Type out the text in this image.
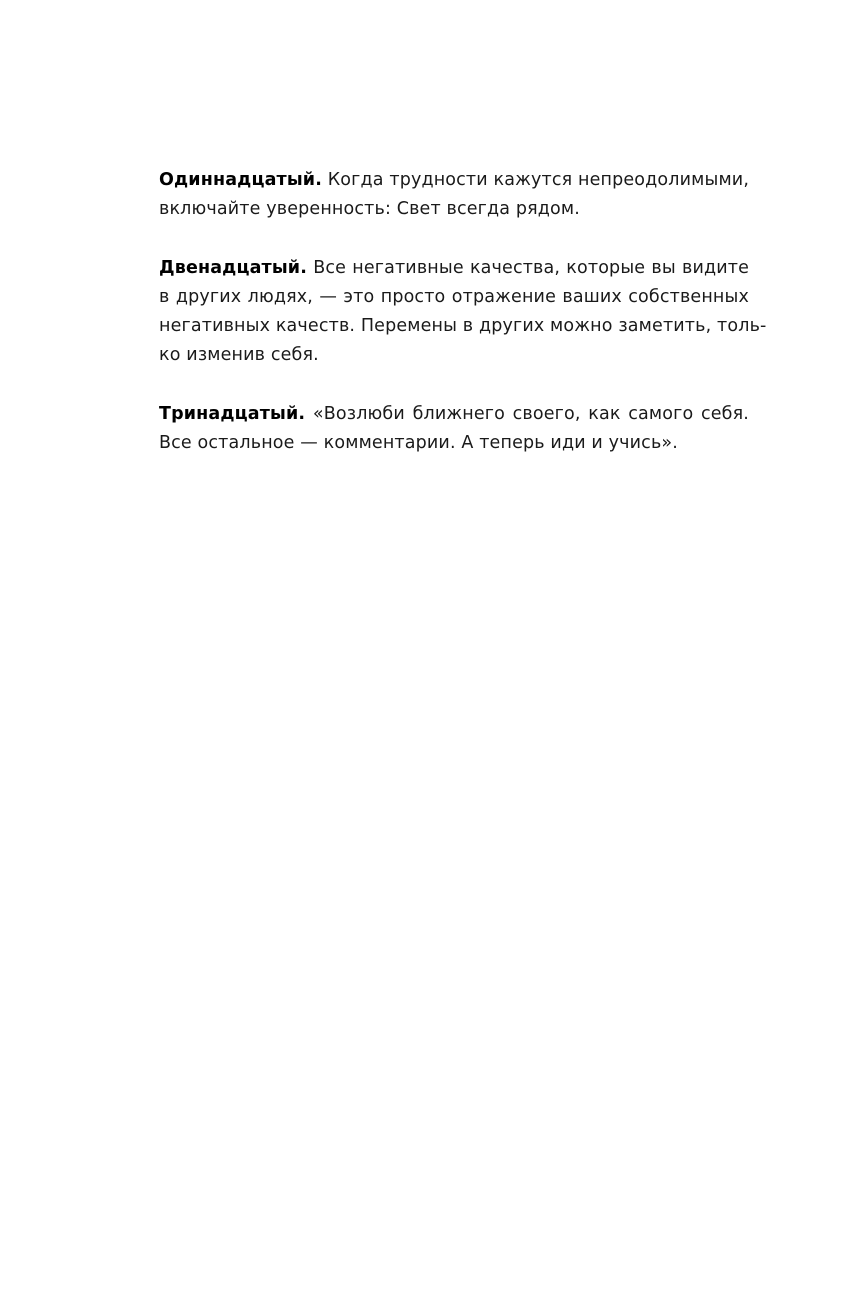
Одиннадцатый. Когда трудности кажутся непреодолимыми,
включайте уверенность: Свет всегда рядом.

Двенадцатый. Все негативные качества, которые вы видите
в других людях, — это просто отражение ваших собственных
негативных качеств. Перемены в других можно заметить, толь-
ко изменив себя.

Тринадцатый. «Возлюби ближнего своего, как самого себя.
Все остальное — комментарии. А теперь иди и учись».
